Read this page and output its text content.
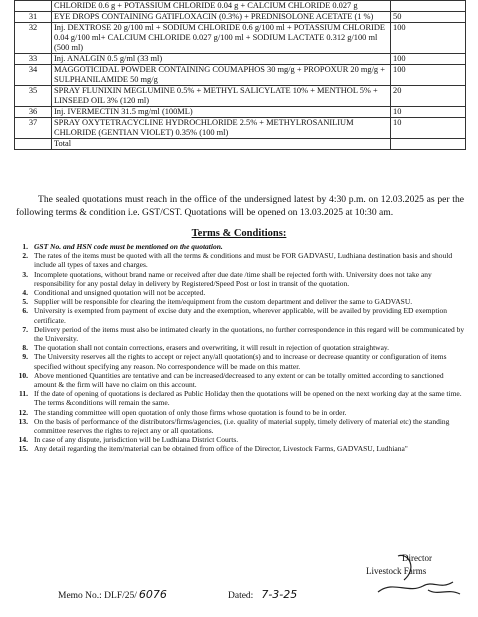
	CHLORIDE 0.6 g + POTASSIUM CHLORIDE 0.04 g + CALCIUM CHLORIDE 0.027 g	
31	EYE DROPS CONTAINING GATIFLOXACIN (0.3%) + PREDNISOLONE ACETATE (1 %)	50
32	Inj. DEXTROSE 20 g/100 ml + SODIUM CHLORIDE 0.6 g/100 ml + POTASSIUM CHLORIDE 0.04 g/100 ml+ CALCIUM CHLORIDE 0.027 g/100 ml + SODIUM LACTATE 0.312 g/100 ml (500 ml)	100
33	Inj. ANALGIN 0.5 g/ml (33 ml)	100
34	MAGGOTICIDAL POWDER CONTAINING COUMAPHOS 30 mg/g + PROPOXUR 20 mg/g + SULPHANILAMIDE 50 mg/g	100
35	SPRAY FLUNIXIN MEGLUMINE 0.5% + METHYL SALICYLATE 10% + MENTHOL 5% + LINSEED OIL 3% (120 ml)	20
36	Inj. IVERMECTIN 31.5 mg/ml (100ML)	10
37	SPRAY OXYTETRACYCLINE HYDROCHLORIDE 2.5% + METHYLROSANILIUM CHLORIDE (GENTIAN VIOLET) 0.35% (100 ml)	10
	Total	
The sealed quotations must reach in the office of the undersigned latest by 4:30 p.m. on 12.03.2025 as per the following terms & condition i.e. GST/CST. Quotations will be opened on 13.03.2025 at 10:30 am.
Terms & Conditions:
1. GST No. and HSN code must be mentioned on the quotation.
2. The rates of the items must be quoted with all the terms & conditions and must be FOR GADVASU, Ludhiana destination basis and should include all types of taxes and charges.
3. Incomplete quotations, without brand name or received after due date /time shall be rejected forth with. University does not take any responsibility for any postal delay in delivery by Registered/Speed Post or lost in transit of the quotation.
4. Conditional and unsigned quotation will not be accepted.
5. Supplier will be responsible for clearing the item/equipment from the custom department and deliver the same to GADVASU.
6. University is exempted from payment of excise duty and the exemption, wherever applicable, will be availed by providing ED exemption certificate.
7. Delivery period of the items must also be intimated clearly in the quotations, no further correspondence in this regard will be communicated by the University.
8. The quotation shall not contain corrections, erasers and overwriting, it will result in rejection of quotation straightway.
9. The University reserves all the rights to accept or reject any/all quotation(s) and to increase or decrease quantity or configuration of items specified without specifying any reason. No correspondence will be made on this matter.
10. Above mentioned Quantities are tentative and can be increased/decreased to any extent or can be totally omitted according to sanctioned amount & the firm will have no claim on this account.
11. If the date of opening of quotations is declared as Public Holiday then the quotations will be opened on the next working day at the same time. The terms &conditions will remain the same.
12. The standing committee will open quotation of only those firms whose quotation is found to be in order.
13. On the basis of performance of the distributors/firms/agencies, (i.e. quality of material supply, timely delivery of material etc) the standing committee reserves the rights to reject any or all quotations.
14. In case of any dispute, jurisdiction will be Ludhiana District Courts.
15. Any detail regarding the item/material can be obtained from office of the Director, Livestock Farms, GADVASU, Ludhiana"
Director
Livestock Farms
Memo No.: DLF/25/ 6076	Dated: 7-3-25
